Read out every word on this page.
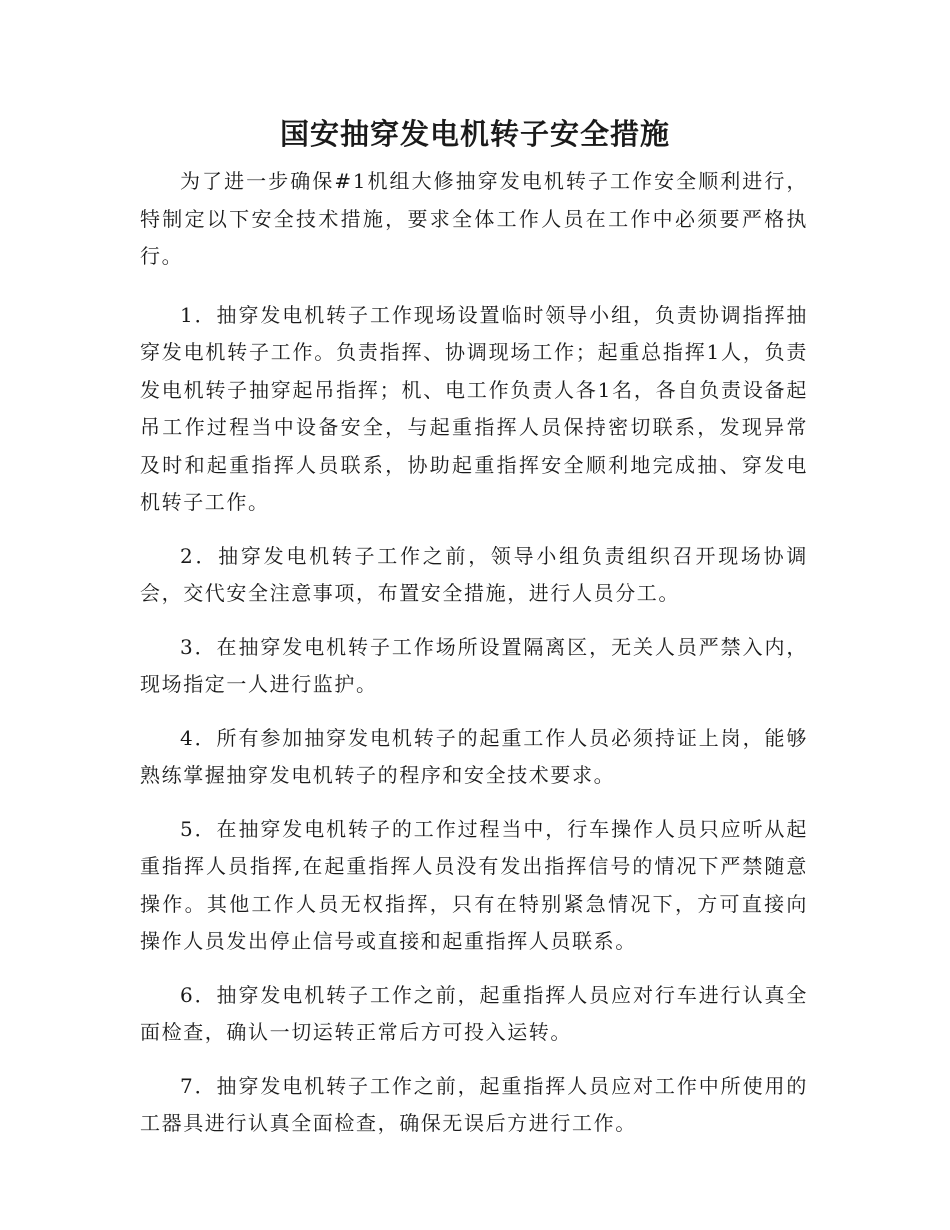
国安抽穿发电机转子安全措施

为了进一步确保#1机组大修抽穿发电机转子工作安全顺利进行，特制定以下安全技术措施，要求全体工作人员在工作中必须要严格执行。

1．抽穿发电机转子工作现场设置临时领导小组，负责协调指挥抽穿发电机转子工作。负责指挥、协调现场工作；起重总指挥1人，负责发电机转子抽穿起吊指挥；机、电工作负责人各1名，各自负责设备起吊工作过程当中设备安全，与起重指挥人员保持密切联系，发现异常及时和起重指挥人员联系，协助起重指挥安全顺利地完成抽、穿发电机转子工作。

2．抽穿发电机转子工作之前，领导小组负责组织召开现场协调会，交代安全注意事项，布置安全措施，进行人员分工。

3．在抽穿发电机转子工作场所设置隔离区，无关人员严禁入内，现场指定一人进行监护。

4．所有参加抽穿发电机转子的起重工作人员必须持证上岗，能够熟练掌握抽穿发电机转子的程序和安全技术要求。

5．在抽穿发电机转子的工作过程当中，行车操作人员只应听从起重指挥人员指挥,在起重指挥人员没有发出指挥信号的情况下严禁随意操作。其他工作人员无权指挥，只有在特别紧急情况下，方可直接向操作人员发出停止信号或直接和起重指挥人员联系。

6．抽穿发电机转子工作之前，起重指挥人员应对行车进行认真全面检查，确认一切运转正常后方可投入运转。

7．抽穿发电机转子工作之前，起重指挥人员应对工作中所使用的工器具进行认真全面检查，确保无误后方进行工作。
